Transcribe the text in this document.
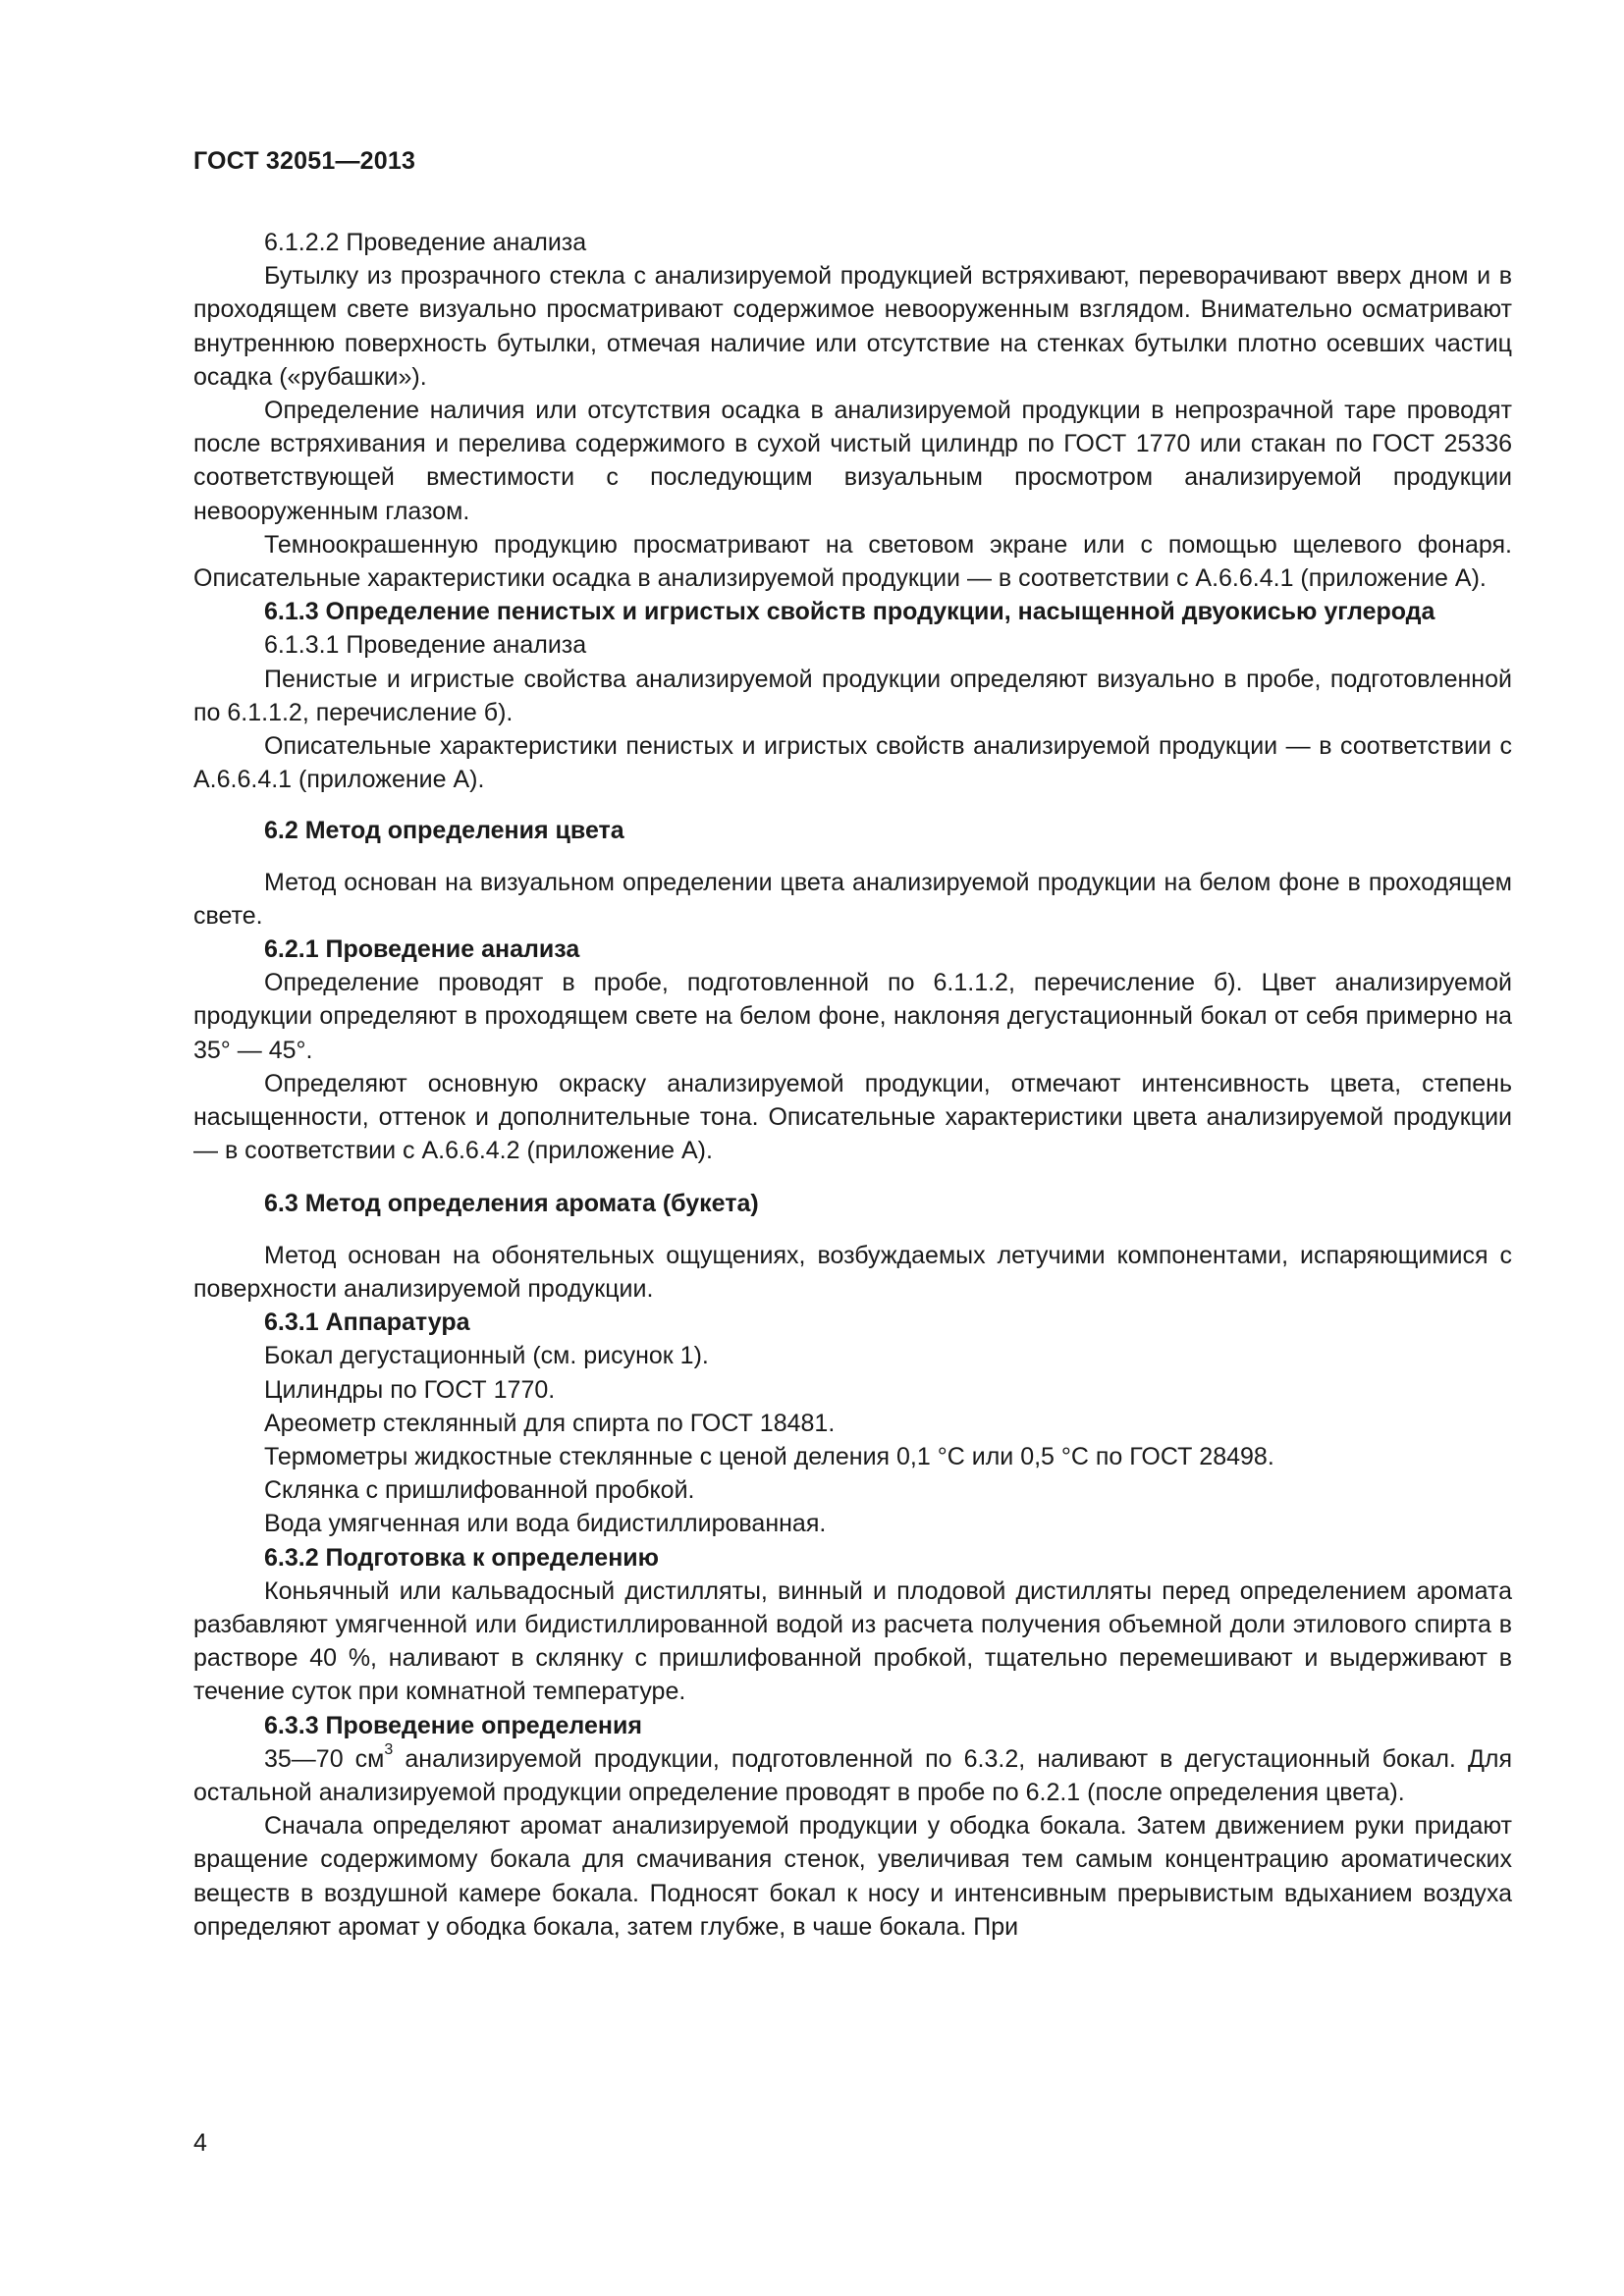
ГОСТ 32051—2013

6.1.2.2 Проведение анализа

Бутылку из прозрачного стекла с анализируемой продукцией встряхивают, переворачивают вверх дном и в проходящем свете визуально просматривают содержимое невооруженным взглядом. Внимательно осматривают внутреннюю поверхность бутылки, отмечая наличие или отсутствие на стенках бутылки плотно осевших частиц осадка («рубашки»).

Определение наличия или отсутствия осадка в анализируемой продукции в непрозрачной таре проводят после встряхивания и перелива содержимого в сухой чистый цилиндр по ГОСТ 1770 или стакан по ГОСТ 25336 соответствующей вместимости с последующим визуальным просмотром анализируемой продукции невооруженным глазом.

Темноокрашенную продукцию просматривают на световом экране или с помощью щелевого фонаря. Описательные характеристики осадка в анализируемой продукции — в соответствии с А.6.6.4.1 (приложение А).

6.1.3 Определение пенистых и игристых свойств продукции, насыщенной двуокисью углерода

6.1.3.1 Проведение анализа

Пенистые и игристые свойства анализируемой продукции определяют визуально в пробе, подготовленной по 6.1.1.2, перечисление б).

Описательные характеристики пенистых и игристых свойств анализируемой продукции — в соответствии с А.6.6.4.1 (приложение А).

6.2 Метод определения цвета

Метод основан на визуальном определении цвета анализируемой продукции на белом фоне в проходящем свете.

6.2.1 Проведение анализа

Определение проводят в пробе, подготовленной по 6.1.1.2, перечисление б). Цвет анализируемой продукции определяют в проходящем свете на белом фоне, наклоняя дегустационный бокал от себя примерно на 35° — 45°.

Определяют основную окраску анализируемой продукции, отмечают интенсивность цвета, степень насыщенности, оттенок и дополнительные тона. Описательные характеристики цвета анализируемой продукции — в соответствии с А.6.6.4.2 (приложение А).

6.3 Метод определения аромата (букета)

Метод основан на обонятельных ощущениях, возбуждаемых летучими компонентами, испаряющимися с поверхности анализируемой продукции.

6.3.1 Аппаратура

Бокал дегустационный (см. рисунок 1).

Цилиндры по ГОСТ 1770.

Ареометр стеклянный для спирта по ГОСТ 18481.

Термометры жидкостные стеклянные с ценой деления 0,1 °С или 0,5 °С по ГОСТ 28498.

Склянка с пришлифованной пробкой.

Вода умягченная или вода бидистиллированная.

6.3.2 Подготовка к определению

Коньячный или кальвадосный дистилляты, винный и плодовой дистилляты перед определением аромата разбавляют умягченной или бидистиллированной водой из расчета получения объемной доли этилового спирта в растворе 40 %, наливают в склянку с пришлифованной пробкой, тщательно перемешивают и выдерживают в течение суток при комнатной температуре.

6.3.3 Проведение определения

35—70 $см^3$ анализируемой продукции, подготовленной по 6.3.2, наливают в дегустационный бокал. Для остальной анализируемой продукции определение проводят в пробе по 6.2.1 (после определения цвета).

Сначала определяют аромат анализируемой продукции у ободка бокала. Затем движением руки придают вращение содержимому бокала для смачивания стенок, увеличивая тем самым концентрацию ароматических веществ в воздушной камере бокала. Подносят бокал к носу и интенсивным прерывистым вдыханием воздуха определяют аромат у ободка бокала, затем глубже, в чаше бокала. При

4
